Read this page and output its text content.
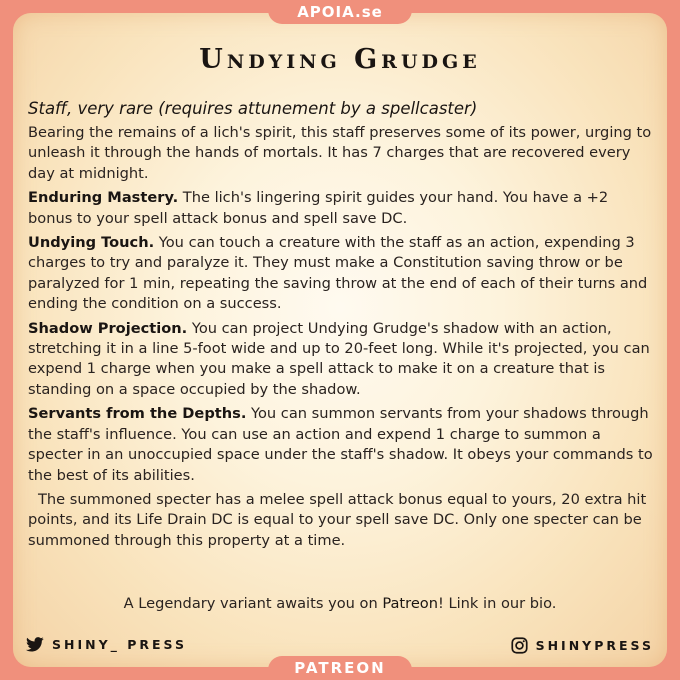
APOIA.se
Undying Grudge
Staff, very rare (requires attunement by a spellcaster)

Bearing the remains of a lich's spirit, this staff preserves some of its power, urging to unleash it through the hands of mortals. It has 7 charges that are recovered every day at midnight.

Enduring Mastery. The lich's lingering spirit guides your hand. You have a +2 bonus to your spell attack bonus and spell save DC.

Undying Touch. You can touch a creature with the staff as an action, expending 3 charges to try and paralyze it. They must make a Constitution saving throw or be paralyzed for 1 min, repeating the saving throw at the end of each of their turns and ending the condition on a success.

Shadow Projection. You can project Undying Grudge's shadow with an action, stretching it in a line 5-foot wide and up to 20-feet long. While it's projected, you can expend 1 charge when you make a spell attack to make it on a creature that is standing on a space occupied by the shadow.

Servants from the Depths. You can summon servants from your shadows through the staff's influence. You can use an action and expend 1 charge to summon a specter in an unoccupied space under the staff's shadow. It obeys your commands to the best of its abilities.

The summoned specter has a melee spell attack bonus equal to yours, 20 extra hit points, and its Life Drain DC is equal to your spell save DC. Only one specter can be summoned through this property at a time.

A Legendary variant awaits you on Patreon! Link in our bio.
SHINY_ PRESS	SHINYPRESS
PATREON
